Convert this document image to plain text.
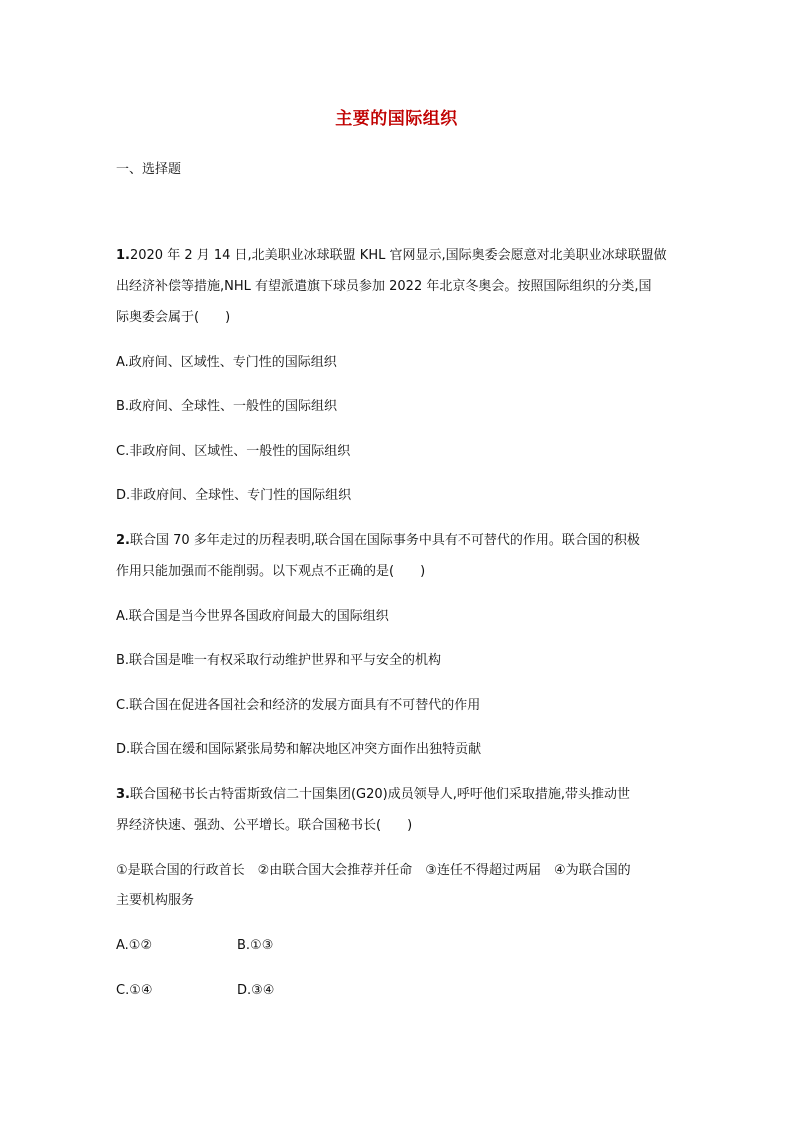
主要的国际组织
一、选择题
1.2020 年 2 月 14 日,北美职业冰球联盟 KHL 官网显示,国际奥委会愿意对北美职业冰球联盟做
出经济补偿等措施,NHL 有望派遣旗下球员参加 2022 年北京冬奥会。按照国际组织的分类,国
际奥委会属于(　　)
A.政府间、区域性、专门性的国际组织
B.政府间、全球性、一般性的国际组织
C.非政府间、区域性、一般性的国际组织
D.非政府间、全球性、专门性的国际组织
2.联合国 70 多年走过的历程表明,联合国在国际事务中具有不可替代的作用。联合国的积极
作用只能加强而不能削弱。以下观点不正确的是(　　)
A.联合国是当今世界各国政府间最大的国际组织
B.联合国是唯一有权采取行动维护世界和平与安全的机构
C.联合国在促进各国社会和经济的发展方面具有不可替代的作用
D.联合国在缓和国际紧张局势和解决地区冲突方面作出独特贡献
3.联合国秘书长古特雷斯致信二十国集团(G20)成员领导人,呼吁他们采取措施,带头推动世
界经济快速、强劲、公平增长。联合国秘书长(　　)
①是联合国的行政首长　②由联合国大会推荐并任命　③连任不得超过两届　④为联合国的
主要机构服务
A.①②	B.①③
C.①④	D.③④
